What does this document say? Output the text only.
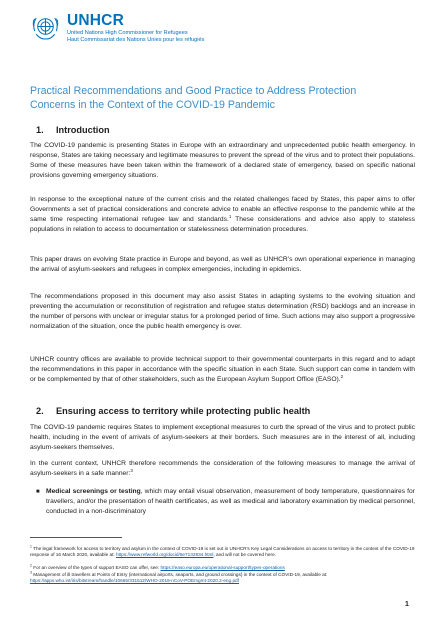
UNHCR
United Nations High Commissioner for Refugees
Haut Commissariat des Nations Unies pour les réfugiés
Practical Recommendations and Good Practice to Address Protection Concerns in the Context of the COVID-19 Pandemic
1. Introduction
The COVID-19 pandemic is presenting States in Europe with an extraordinary and unprecedented public health emergency. In response, States are taking necessary and legitimate measures to prevent the spread of the virus and to protect their populations. Some of these measures have been taken within the framework of a declared state of emergency, based on specific national provisions governing emergency situations.
In response to the exceptional nature of the current crisis and the related challenges faced by States, this paper aims to offer Governments a set of practical considerations and concrete advice to enable an effective response to the pandemic while at the same time respecting international refugee law and standards.$^1$ These considerations and advice also apply to stateless populations in relation to access to documentation or statelessness determination procedures.
This paper draws on evolving State practice in Europe and beyond, as well as UNHCR’s own operational experience in managing the arrival of asylum-seekers and refugees in complex emergencies, including in epidemics.
The recommendations proposed in this document may also assist States in adapting systems to the evolving situation and preventing the accumulation or reconstitution of registration and refugee status determination (RSD) backlogs and an increase in the number of persons with unclear or irregular status for a prolonged period of time. Such actions may also support a progressive normalization of the situation, once the public health emergency is over.
UNHCR country offices are available to provide technical support to their governmental counterparts in this regard and to adapt the recommendations in this paper in accordance with the specific situation in each State. Such support can come in tandem with or be complemented by that of other stakeholders, such as the European Asylum Support Office (EASO).$^2$
2. Ensuring access to territory while protecting public health
The COVID-19 pandemic requires States to implement exceptional measures to curb the spread of the virus and to protect public health, including in the event of arrivals of asylum-seekers at their borders. Such measures are in the interest of all, including asylum-seekers themselves.
In the current context, UNHCR therefore recommends the consideration of the following measures to manage the arrival of asylum-seekers in a safe manner:$^3$
■ Medical screenings or testing, which may entail visual observation, measurement of body temperature, questionnaires for travellers, and/or the presentation of health certificates, as well as medical and laboratory examination by medical personnel, conducted in a non-discriminatory
$^1$ The legal framework for access to territory and asylum in the context of COVID-19 is set out in UNHCR’s Key Legal Considerations on access to territory in the context of the COVID-19 response of 16 March 2020, available at: https://www.refworld.org/docid/5e7132834.html, and will not be covered here.
$^2$ For an overview of the types of support EASO can offer, see: https://easo.europa.eu/operational-support/types-operations
$^3$ Management of ill travellers at Points of Entry (international airports, seaports, and ground crossings) in the context of COVID-19, available at: https://apps.who.int/iris/bitstream/handle/10665/331512/WHO-2019-nCoV-POEmgmt-2020.2-eng.pdf
1
